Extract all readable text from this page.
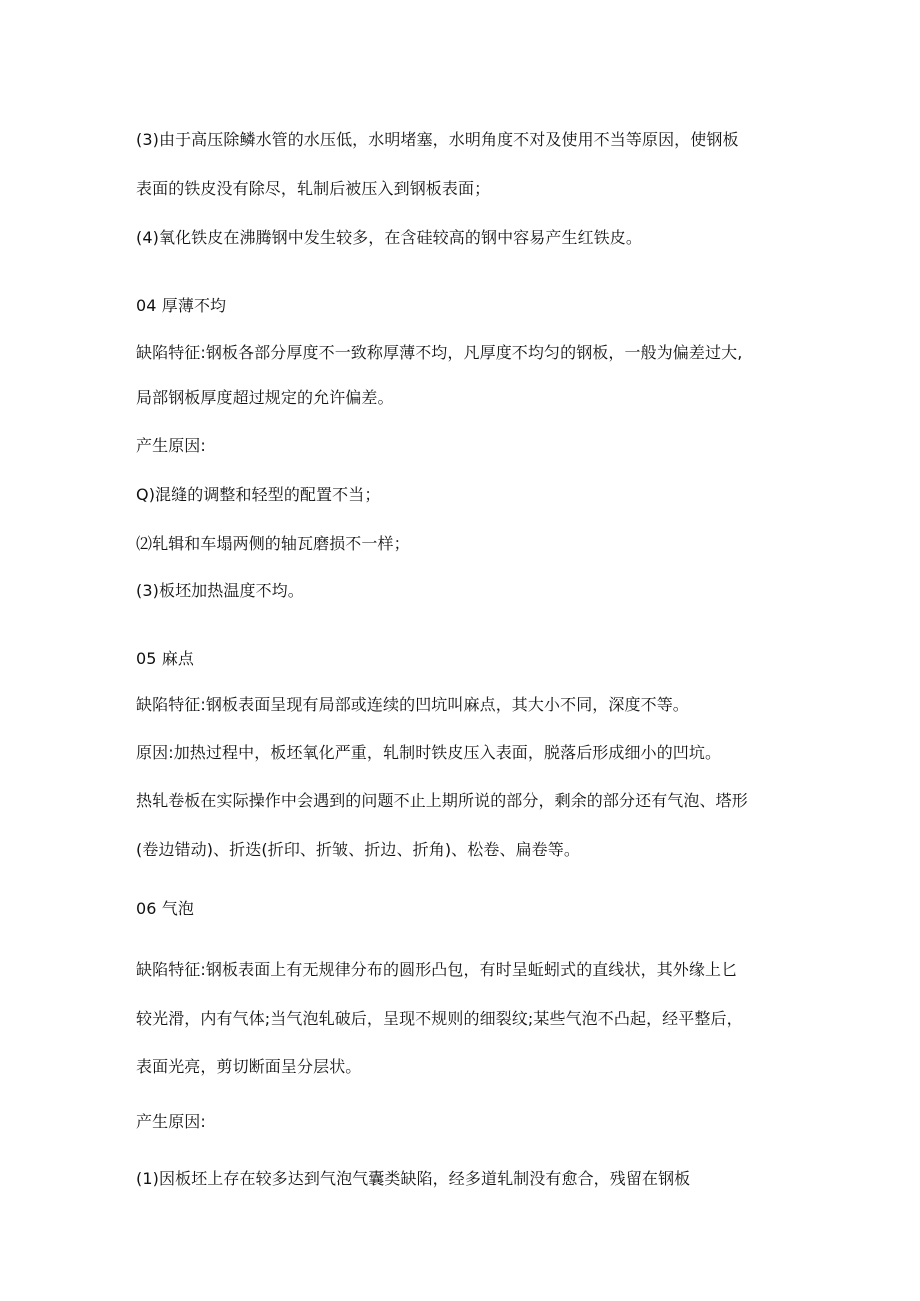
(3)由于高压除鳞水管的水压低，水明堵塞，水明角度不对及使用不当等原因，使钢板
表面的铁皮没有除尽，轧制后被压入到钢板表面；
(4)氧化铁皮在沸腾钢中发生较多，在含硅较高的钢中容易产生红铁皮。
04 厚薄不均
缺陷特征:钢板各部分厚度不一致称厚薄不均，凡厚度不均匀的钢板，一般为偏差过大,
局部钢板厚度超过规定的允许偏差。
产生原因:
Q)混缝的调整和轻型的配置不当；
⑵轧辑和车塌两侧的轴瓦磨损不一样；
(3)板坯加热温度不均。
05 麻点
缺陷特征:钢板表面呈现有局部或连续的凹坑叫麻点，其大小不同，深度不等。
原因:加热过程中，板坯氧化严重，轧制时铁皮压入表面，脱落后形成细小的凹坑。
热轧卷板在实际操作中会遇到的问题不止上期所说的部分，剩余的部分还有气泡、塔形
(卷边错动)、折迭(折印、折皱、折边、折角)、松卷、扁卷等。
06 气泡
缺陷特征:钢板表面上有无规律分布的圆形凸包，有时呈蚯蚓式的直线状，其外缘上匕
较光滑，内有气体;当气泡轧破后，呈现不规则的细裂纹;某些气泡不凸起，经平整后，
表面光亮，剪切断面呈分层状。
产生原因:
(1)因板坯上存在较多达到气泡气囊类缺陷，经多道轧制没有愈合，残留在钢板
